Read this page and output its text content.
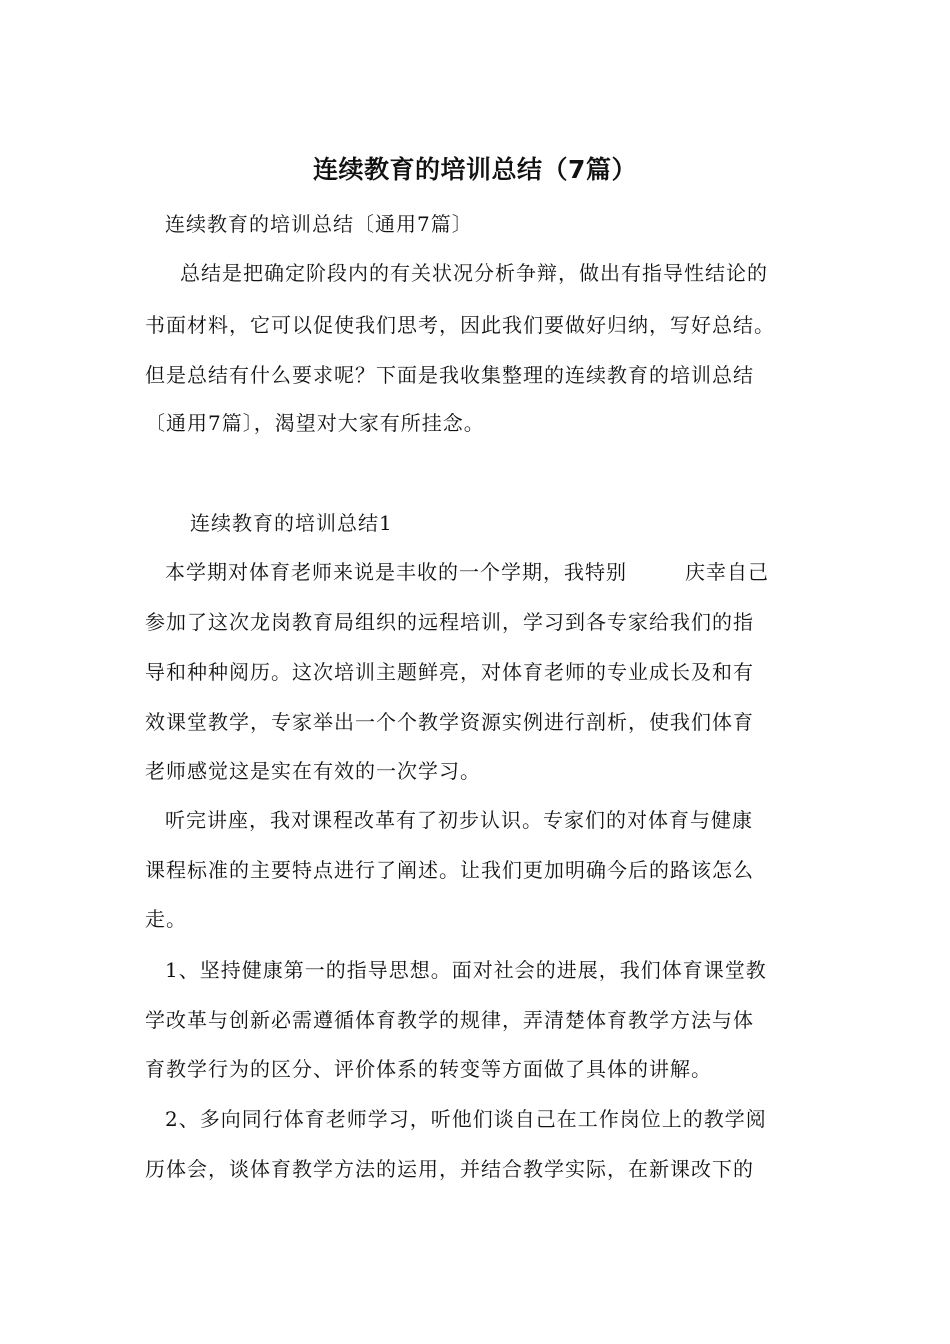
连续教育的培训总结（7篇）
连续教育的培训总结〔通用7篇〕
总结是把确定阶段内的有关状况分析争辩，做出有指导性结论的
书面材料，它可以促使我们思考，因此我们要做好归纳，写好总结。
但是总结有什么要求呢？下面是我收集整理的连续教育的培训总结
〔通用7篇〕，渴望对大家有所挂念。
连续教育的培训总结1
本学期对体育老师来说是丰收的一个学期，我特别	庆幸自己
参加了这次龙岗教育局组织的远程培训，学习到各专家给我们的指
导和种种阅历。这次培训主题鲜亮，对体育老师的专业成长及和有
效课堂教学，专家举出一个个教学资源实例进行剖析，使我们体育
老师感觉这是实在有效的一次学习。
听完讲座，我对课程改革有了初步认识。专家们的对体育与健康
课程标准的主要特点进行了阐述。让我们更加明确今后的路该怎么
走。
1、坚持健康第一的指导思想。面对社会的进展，我们体育课堂教
学改革与创新必需遵循体育教学的规律，弄清楚体育教学方法与体
育教学行为的区分、评价体系的转变等方面做了具体的讲解。
2、多向同行体育老师学习，听他们谈自己在工作岗位上的教学阅
历体会，谈体育教学方法的运用，并结合教学实际，在新课改下的
